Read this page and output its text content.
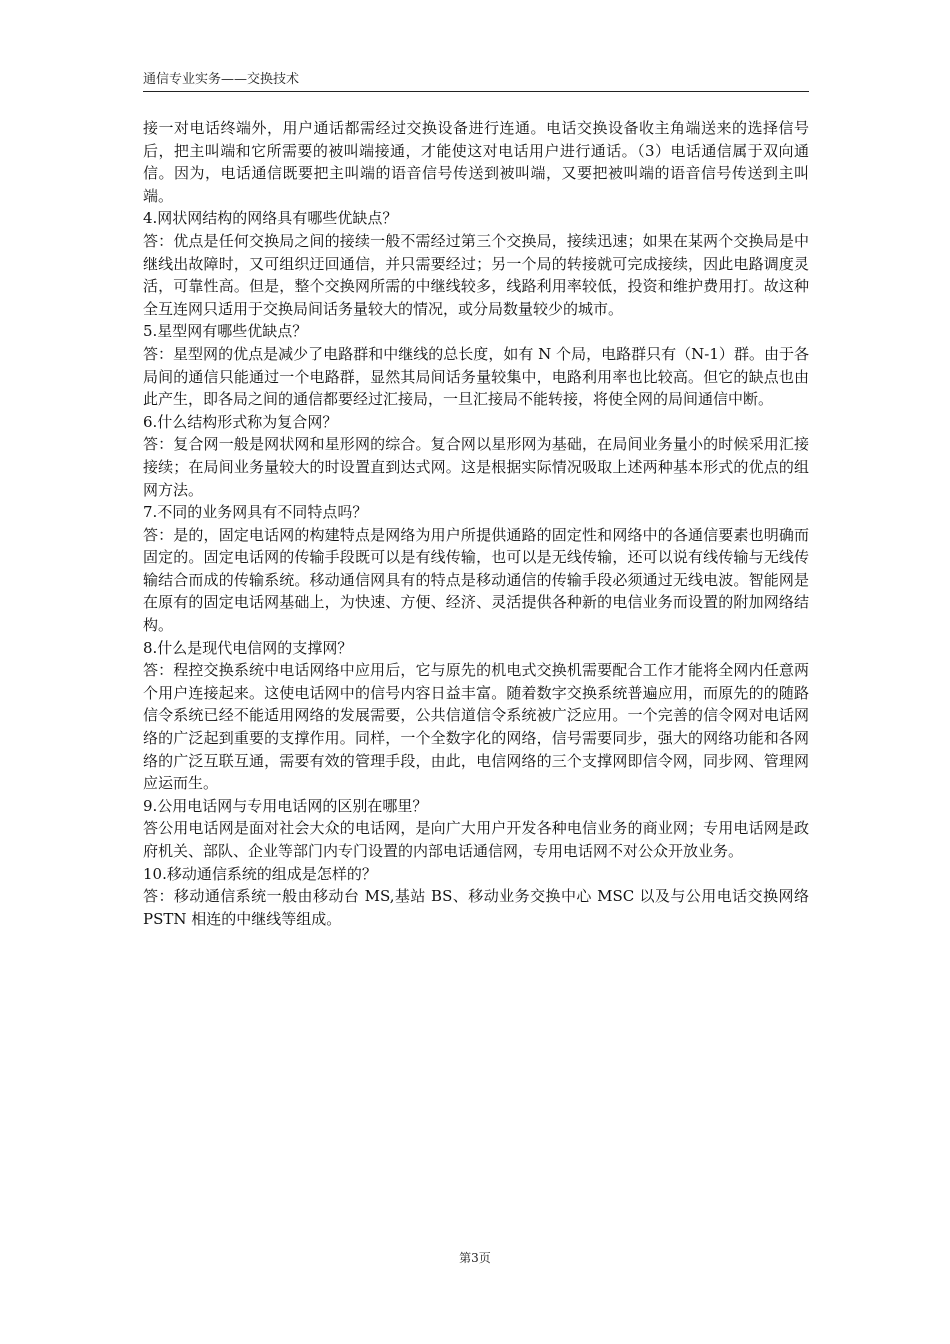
通信专业实务——交换技术

接一对电话终端外，用户通话都需经过交换设备进行连通。电话交换设备收主角端送来的选择信号后，把主叫端和它所需要的被叫端接通，才能使这对电话用户进行通话。（3）电话通信属于双向通信。因为，电话通信既要把主叫端的语音信号传送到被叫端，又要把被叫端的语音信号传送到主叫端。

4.网状网结构的网络具有哪些优缺点？

答：优点是任何交换局之间的接续一般不需经过第三个交换局，接续迅速；如果在某两个交换局是中继线出故障时，又可组织迂回通信，并只需要经过；另一个局的转接就可完成接续，因此电路调度灵活，可靠性高。但是，整个交换网所需的中继线较多，线路利用率较低，投资和维护费用打。故这种全互连网只适用于交换局间话务量较大的情况，或分局数量较少的城市。

5.星型网有哪些优缺点？

答：星型网的优点是减少了电路群和中继线的总长度，如有 N 个局，电路群只有（N-1）群。由于各局间的通信只能通过一个电路群，显然其局间话务量较集中，电路利用率也比较高。但它的缺点也由此产生，即各局之间的通信都要经过汇接局，一旦汇接局不能转接，将使全网的局间通信中断。

6.什么结构形式称为复合网？

答：复合网一般是网状网和星形网的综合。复合网以星形网为基础，在局间业务量小的时候采用汇接接续；在局间业务量较大的时设置直到达式网。这是根据实际情况吸取上述两种基本形式的优点的组网方法。

7.不同的业务网具有不同特点吗？

答：是的，固定电话网的构建特点是网络为用户所提供通路的固定性和网络中的各通信要素也明确而固定的。固定电话网的传输手段既可以是有线传输，也可以是无线传输，还可以说有线传输与无线传输结合而成的传输系统。移动通信网具有的特点是移动通信的传输手段必须通过无线电波。智能网是在原有的固定电话网基础上，为快速、方便、经济、灵活提供各种新的电信业务而设置的附加网络结构。

8.什么是现代电信网的支撑网？

答：程控交换系统中电话网络中应用后，它与原先的机电式交换机需要配合工作才能将全网内任意两个用户连接起来。这使电话网中的信号内容日益丰富。随着数字交换系统普遍应用，而原先的的随路信令系统已经不能适用网络的发展需要，公共信道信令系统被广泛应用。一个完善的信令网对电话网络的广泛起到重要的支撑作用。同样，一个全数字化的网络，信号需要同步，强大的网络功能和各网络的广泛互联互通，需要有效的管理手段，由此，电信网络的三个支撑网即信令网，同步网、管理网应运而生。

9.公用电话网与专用电话网的区别在哪里？

答公用电话网是面对社会大众的电话网，是向广大用户开发各种电信业务的商业网；专用电话网是政府机关、部队、企业等部门内专门设置的内部电话通信网，专用电话网不对公众开放业务。

10.移动通信系统的组成是怎样的？

答：移动通信系统一般由移动台 MS,基站 BS、移动业务交换中心 MSC 以及与公用电话交换网络 PSTN 相连的中继线等组成。

第3页
